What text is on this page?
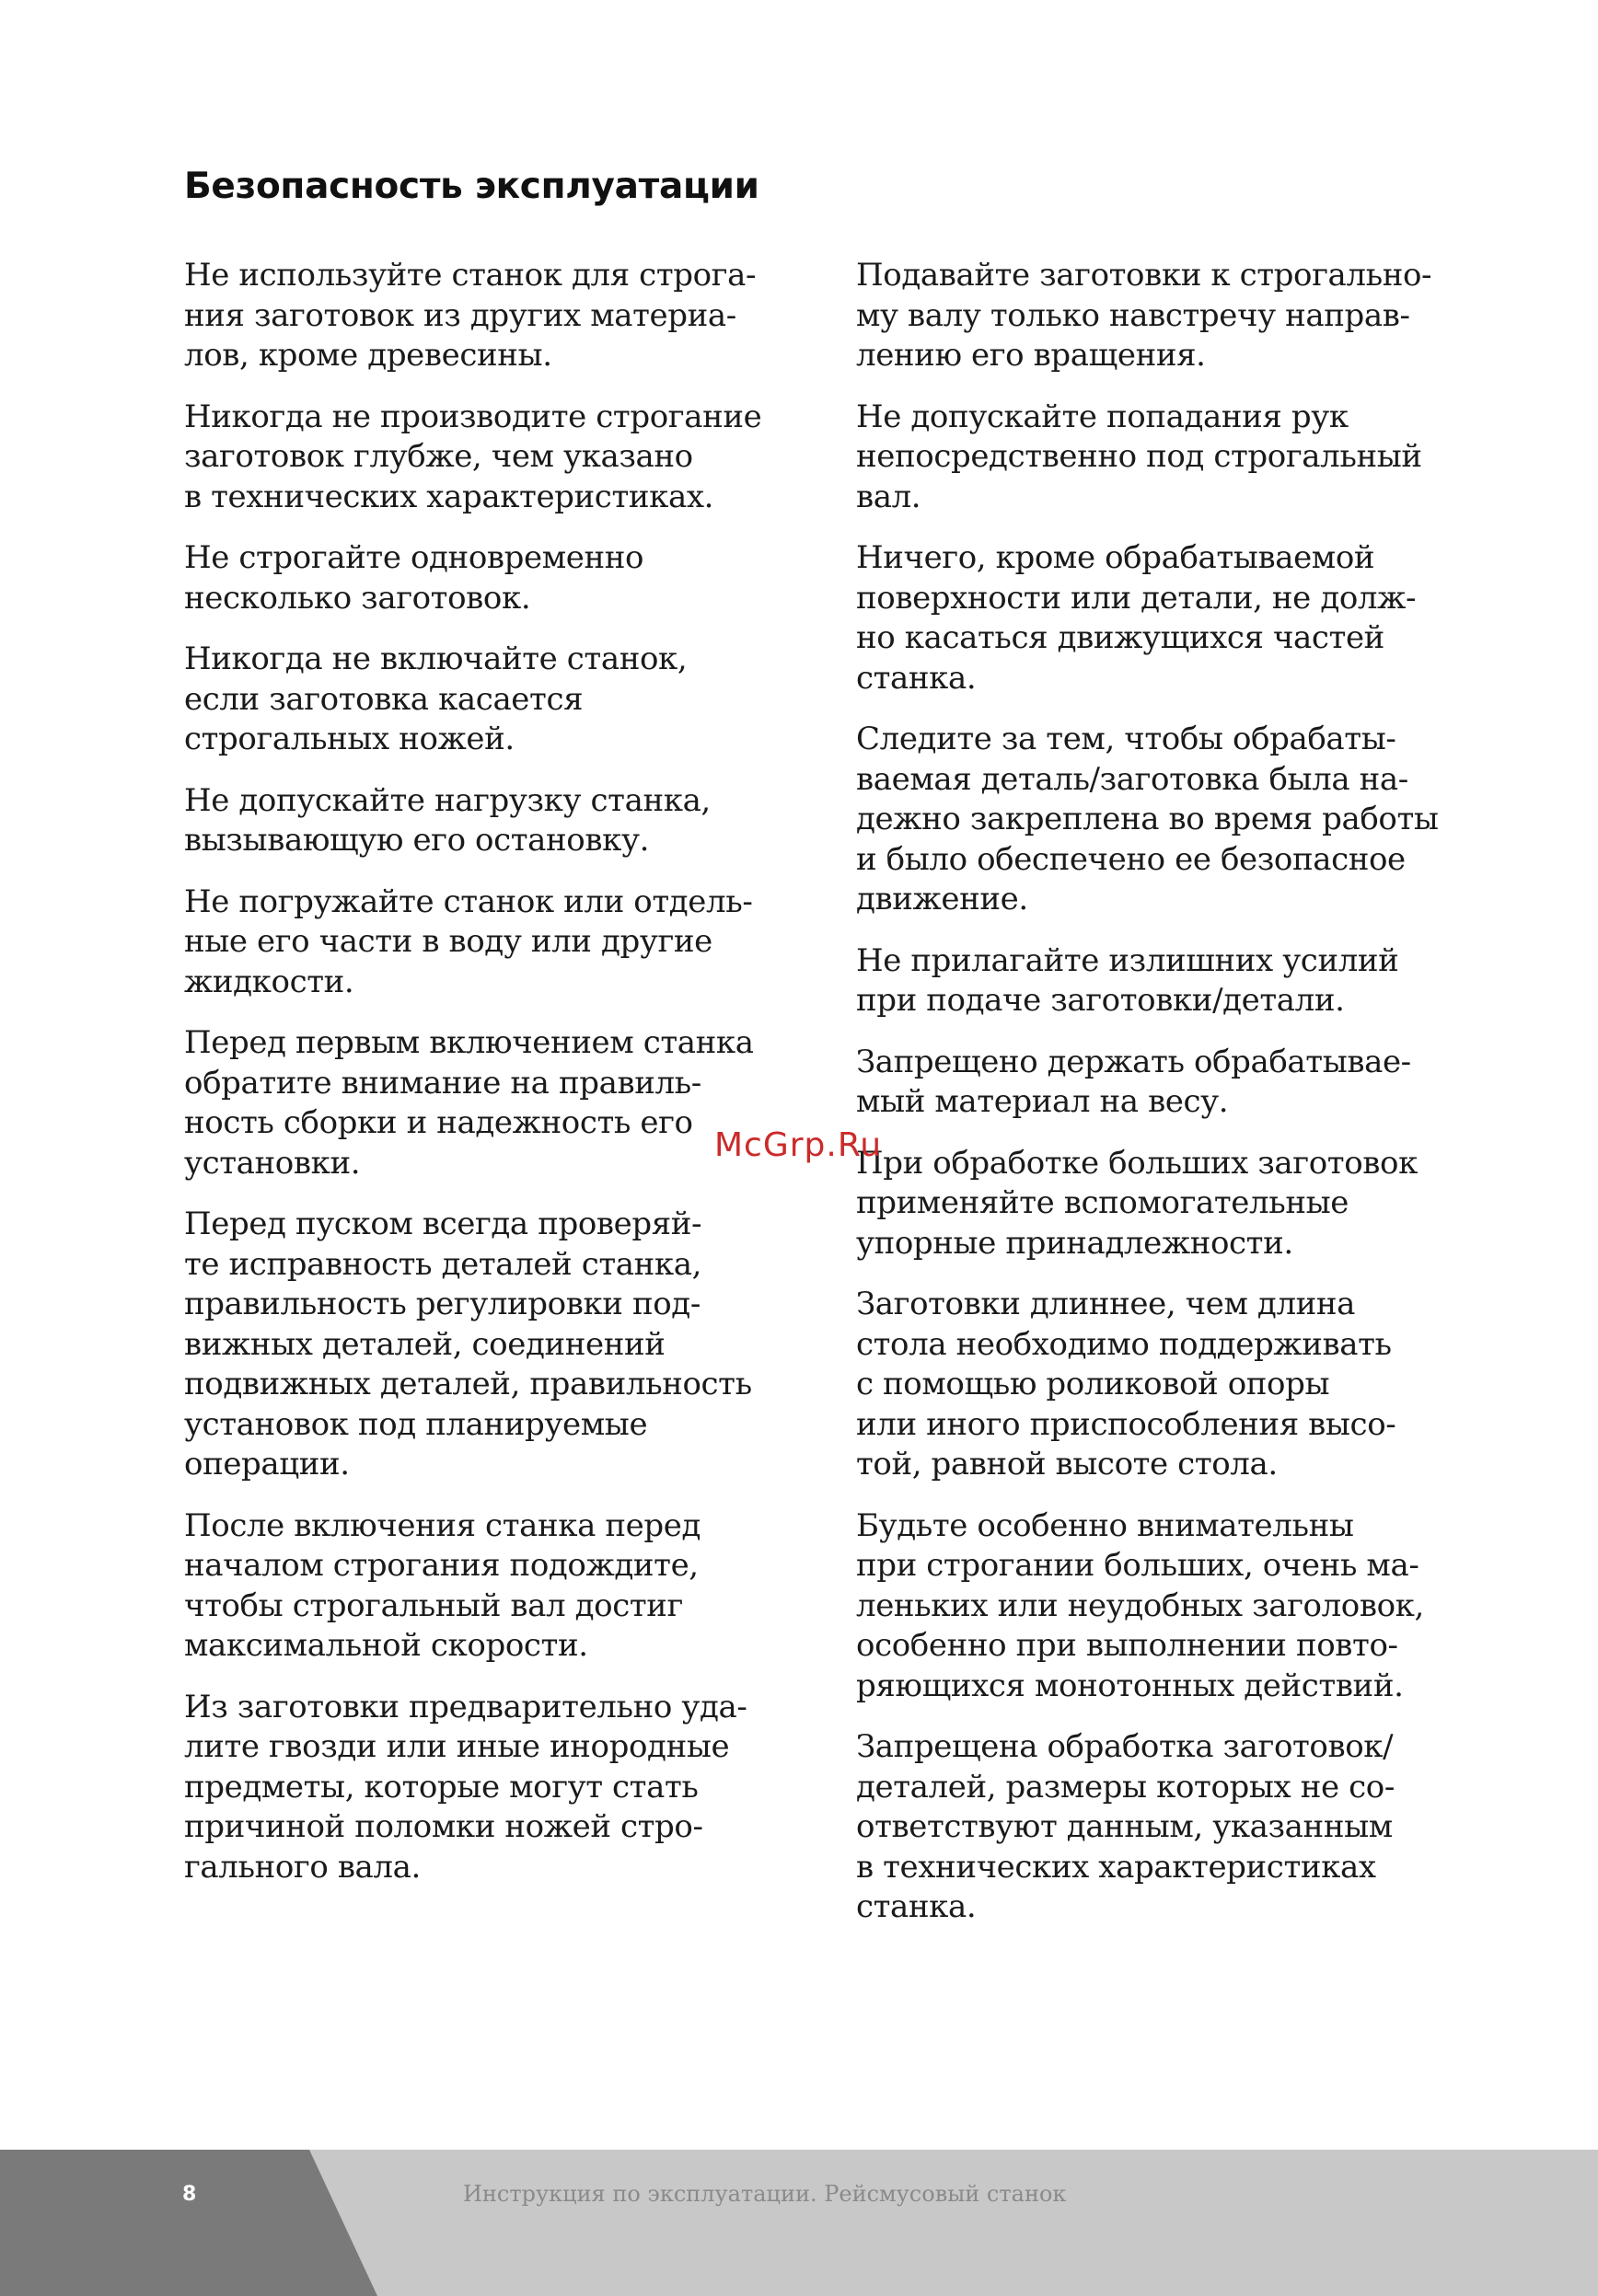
Безопасность эксплуатации

Не используйте станок для строга-
ния заготовок из других материа-
лов, кроме древесины.

Никогда не производите строгание
заготовок глубже, чем указано
в технических характеристиках.

Не строгайте одновременно
несколько заготовок.

Никогда не включайте станок,
если заготовка касается
строгальных ножей.

Не допускайте нагрузку станка,
вызывающую его остановку.

Не погружайте станок или отдель-
ные его части в воду или другие
жидкости.

Перед первым включением станка
обратите внимание на правиль-
ность сборки и надежность его
установки.

Перед пуском всегда проверяй-
те исправность деталей станка,
правильность регулировки под-
вижных деталей, соединений
подвижных деталей, правильность
установок под планируемые
операции.

После включения станка перед
началом строгания подождите,
чтобы строгальный вал достиг
максимальной скорости.

Из заготовки предварительно уда-
лите гвозди или иные инородные
предметы, которые могут стать
причиной поломки ножей стро-
гального вала.

Подавайте заготовки к строгально-
му валу только навстречу направ-
лению его вращения.

Не допускайте попадания рук
непосредственно под строгальный
вал.

Ничего, кроме обрабатываемой
поверхности или детали, не долж-
но касаться движущихся частей
станка.

Следите за тем, чтобы обрабаты-
ваемая деталь/заготовка была на-
дежно закреплена во время работы
и было обеспечено ее безопасное
движение.

Не прилагайте излишних усилий
при подаче заготовки/детали.

Запрещено держать обрабатывае-
мый материал на весу.

При обработке больших заготовок
применяйте вспомогательные
упорные принадлежности.

Заготовки длиннее, чем длина
стола необходимо поддерживать
с помощью роликовой опоры
или иного приспособления высо-
той, равной высоте стола.

Будьте особенно внимательны
при строгании больших, очень ма-
леньких или неудобных заголовок,
особенно при выполнении повто-
ряющихся монотонных действий.

Запрещена обработка заготовок/
деталей, размеры которых не со-
ответствуют данным, указанным
в технических характеристиках
станка.

McGrp.Ru
8	Инструкция по эксплуатации. Рейсмусовый станок
